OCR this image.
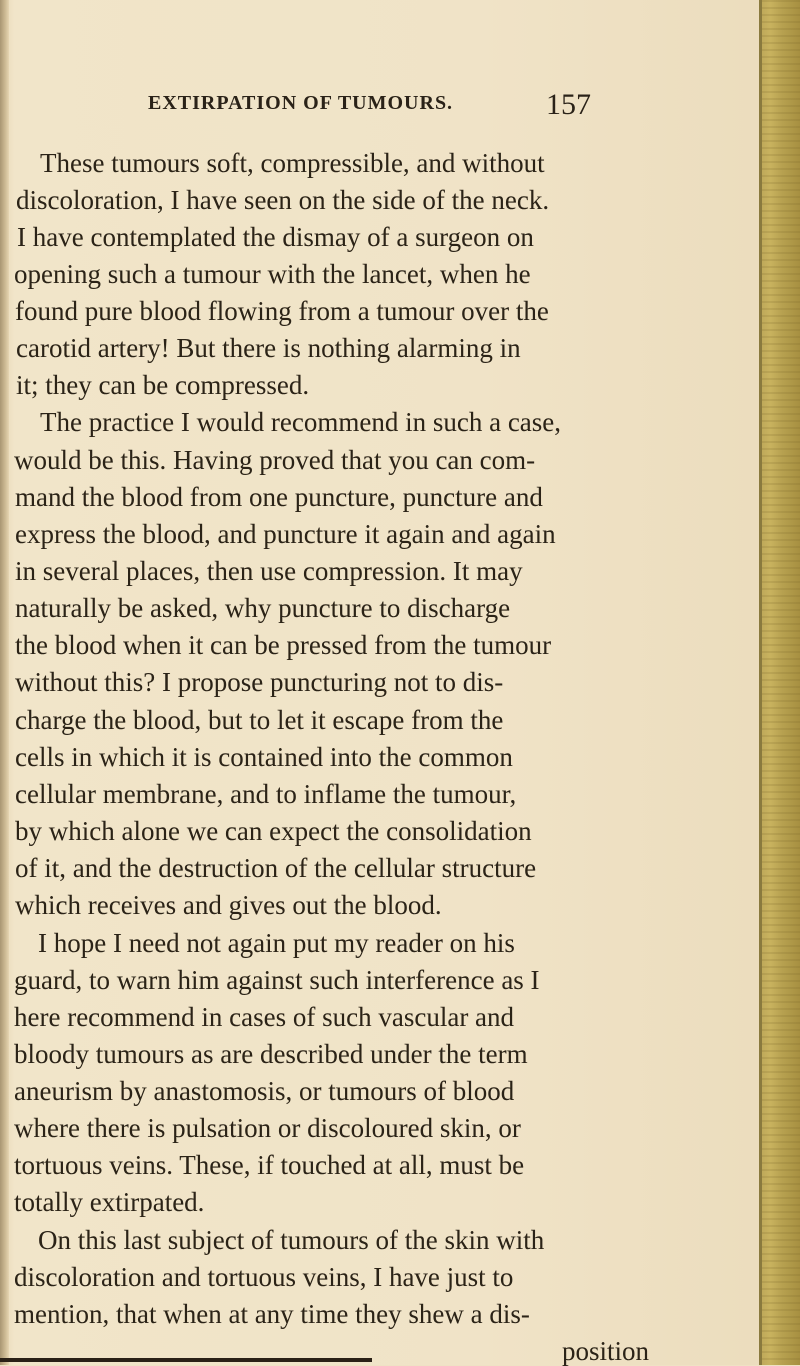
EXTIRPATION OF TUMOURS.	157
These tumours soft, compressible, and without
discoloration, I have seen on the side of the neck.
I have contemplated the dismay of a surgeon on
opening such a tumour with the lancet, when he
found pure blood flowing from a tumour over the
carotid artery! But there is nothing alarming in
it; they can be compressed.
The practice I would recommend in such a case,
would be this. Having proved that you can com-
mand the blood from one puncture, puncture and
express the blood, and puncture it again and again
in several places, then use compression. It may
naturally be asked, why puncture to discharge
the blood when it can be pressed from the tumour
without this? I propose puncturing not to dis-
charge the blood, but to let it escape from the
cells in which it is contained into the common
cellular membrane, and to inflame the tumour,
by which alone we can expect the consolidation
of it, and the destruction of the cellular structure
which receives and gives out the blood.
I hope I need not again put my reader on his
guard, to warn him against such interference as I
here recommend in cases of such vascular and
bloody tumours as are described under the term
aneurism by anastomosis, or tumours of blood
where there is pulsation or discoloured skin, or
tortuous veins. These, if touched at all, must be
totally extirpated.
On this last subject of tumours of the skin with
discoloration and tortuous veins, I have just to
mention, that when at any time they shew a dis-
position
